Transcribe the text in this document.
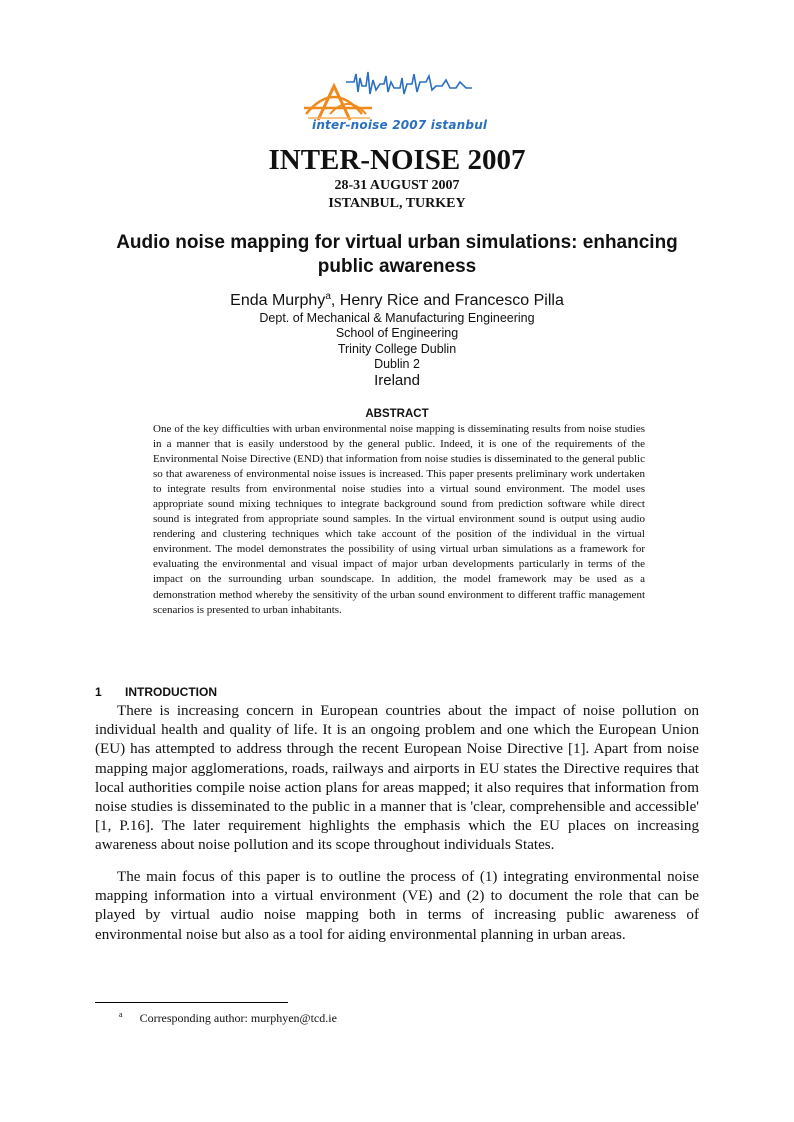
inter-noise 2007 istanbul
INTER-NOISE 2007
28-31 AUGUST 2007
ISTANBUL, TURKEY
Audio noise mapping for virtual urban simulations: enhancing public awareness
Enda Murphy$^a$, Henry Rice and Francesco Pilla
Dept. of Mechanical & Manufacturing Engineering
School of Engineering
Trinity College Dublin
Dublin 2
Ireland
ABSTRACT
One of the key difficulties with urban environmental noise mapping is disseminating results from noise studies in a manner that is easily understood by the general public. Indeed, it is one of the requirements of the Environmental Noise Directive (END) that information from noise studies is disseminated to the general public so that awareness of environmental noise issues is increased. This paper presents preliminary work undertaken to integrate results from environmental noise studies into a virtual sound environment. The model uses appropriate sound mixing techniques to integrate background sound from prediction software while direct sound is integrated from appropriate sound samples. In the virtual environment sound is output using audio rendering and clustering techniques which take account of the position of the individual in the virtual environment. The model demonstrates the possibility of using virtual urban simulations as a framework for evaluating the environmental and visual impact of major urban developments particularly in terms of the impact on the surrounding urban soundscape. In addition, the model framework may be used as a demonstration method whereby the sensitivity of the urban sound environment to different traffic management scenarios is presented to urban inhabitants.
1 INTRODUCTION

There is increasing concern in European countries about the impact of noise pollution on individual health and quality of life. It is an ongoing problem and one which the European Union (EU) has attempted to address through the recent European Noise Directive [1]. Apart from noise mapping major agglomerations, roads, railways and airports in EU states the Directive requires that local authorities compile noise action plans for areas mapped; it also requires that information from noise studies is disseminated to the public in a manner that is 'clear, comprehensible and accessible' [1, P.16]. The later requirement highlights the emphasis which the EU places on increasing awareness about noise pollution and its scope throughout individuals States.

The main focus of this paper is to outline the process of (1) integrating environmental noise mapping information into a virtual environment (VE) and (2) to document the role that can be played by virtual audio noise mapping both in terms of increasing public awareness of environmental noise but also as a tool for aiding environmental planning in urban areas.

$^a$ Corresponding author: murphyen@tcd.ie
